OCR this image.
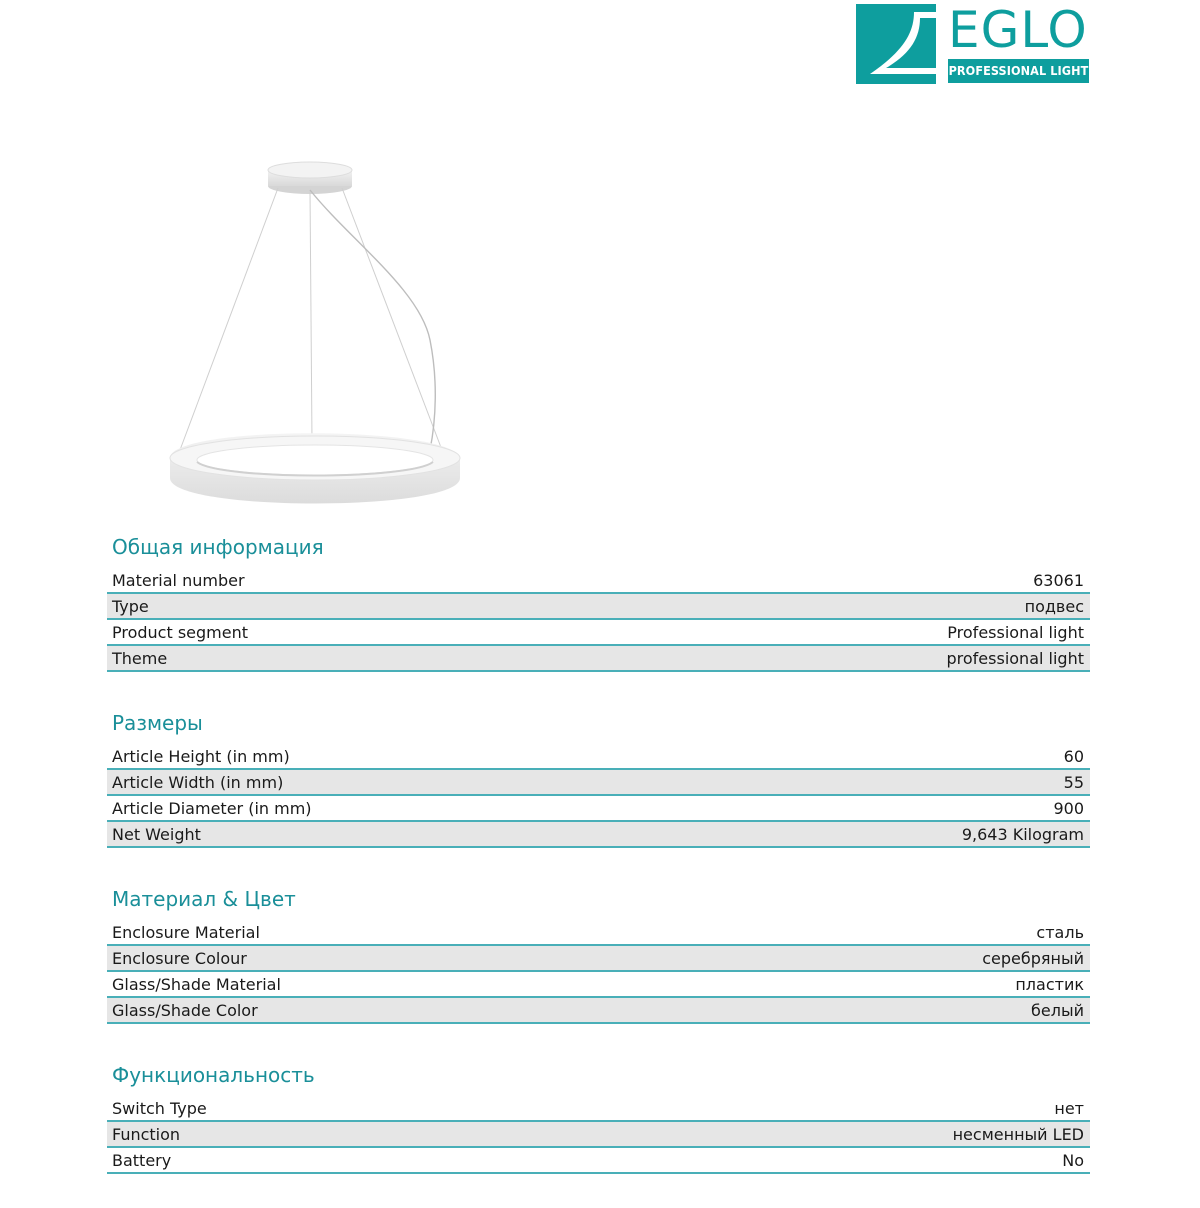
EGLO
PROFESSIONAL LIGHT
Общая информация
Material number	63061
Type	подвес
Product segment	Professional light
Theme	professional light
Размеры
Article Height (in mm)	60
Article Width (in mm)	55
Article Diameter (in mm)	900
Net Weight	9,643 Kilogram
Материал & Цвет
Enclosure Material	сталь
Enclosure Colour	серебряный
Glass/Shade Material	пластик
Glass/Shade Color	белый
Функциональность
Switch Type	нет
Function	несменный LED
Battery	No
